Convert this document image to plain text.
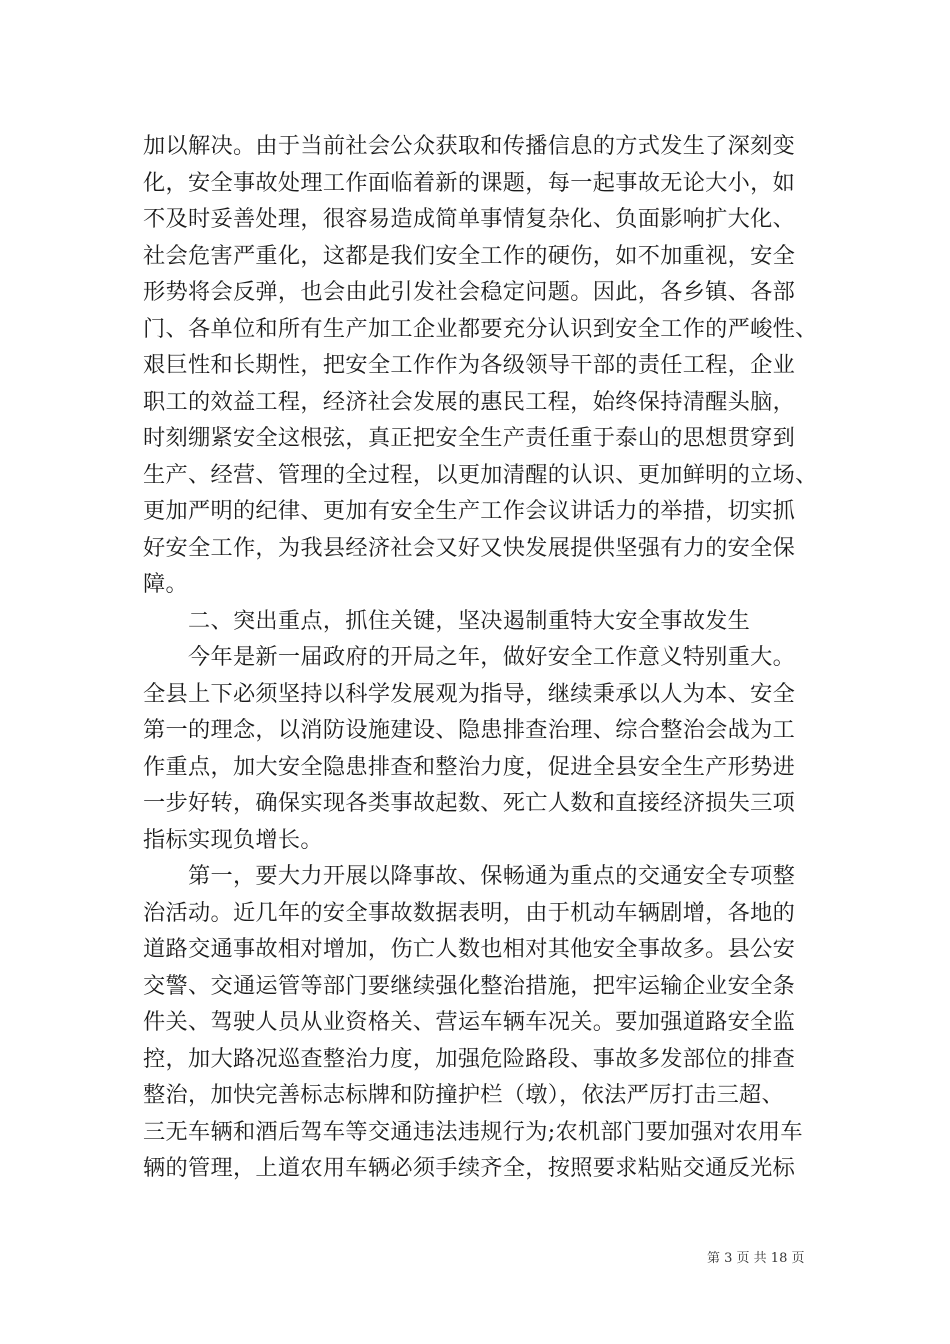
加以解决。由于当前社会公众获取和传播信息的方式发生了深刻变
化，安全事故处理工作面临着新的课题，每一起事故无论大小，如
不及时妥善处理，很容易造成简单事情复杂化、负面影响扩大化、
社会危害严重化，这都是我们安全工作的硬伤，如不加重视，安全
形势将会反弹，也会由此引发社会稳定问题。因此，各乡镇、各部
门、各单位和所有生产加工企业都要充分认识到安全工作的严峻性、
艰巨性和长期性，把安全工作作为各级领导干部的责任工程，企业
职工的效益工程，经济社会发展的惠民工程，始终保持清醒头脑，
时刻绷紧安全这根弦，真正把安全生产责任重于泰山的思想贯穿到
生产、经营、管理的全过程，以更加清醒的认识、更加鲜明的立场、
更加严明的纪律、更加有安全生产工作会议讲话力的举措，切实抓
好安全工作，为我县经济社会又好又快发展提供坚强有力的安全保
障。
　　二、突出重点，抓住关键，坚决遏制重特大安全事故发生
　　今年是新一届政府的开局之年，做好安全工作意义特别重大。
全县上下必须坚持以科学发展观为指导，继续秉承以人为本、安全
第一的理念，以消防设施建设、隐患排查治理、综合整治会战为工
作重点，加大安全隐患排查和整治力度，促进全县安全生产形势进
一步好转，确保实现各类事故起数、死亡人数和直接经济损失三项
指标实现负增长。
　　第一，要大力开展以降事故、保畅通为重点的交通安全专项整
治活动。近几年的安全事故数据表明，由于机动车辆剧增，各地的
道路交通事故相对增加，伤亡人数也相对其他安全事故多。县公安
交警、交通运管等部门要继续强化整治措施，把牢运输企业安全条
件关、驾驶人员从业资格关、营运车辆车况关。要加强道路安全监
控，加大路况巡查整治力度，加强危险路段、事故多发部位的排查
整治，加快完善标志标牌和防撞护栏（墩），依法严厉打击三超、
三无车辆和酒后驾车等交通违法违规行为;农机部门要加强对农用车
辆的管理，上道农用车辆必须手续齐全，按照要求粘贴交通反光标
第 3 页 共 18 页
